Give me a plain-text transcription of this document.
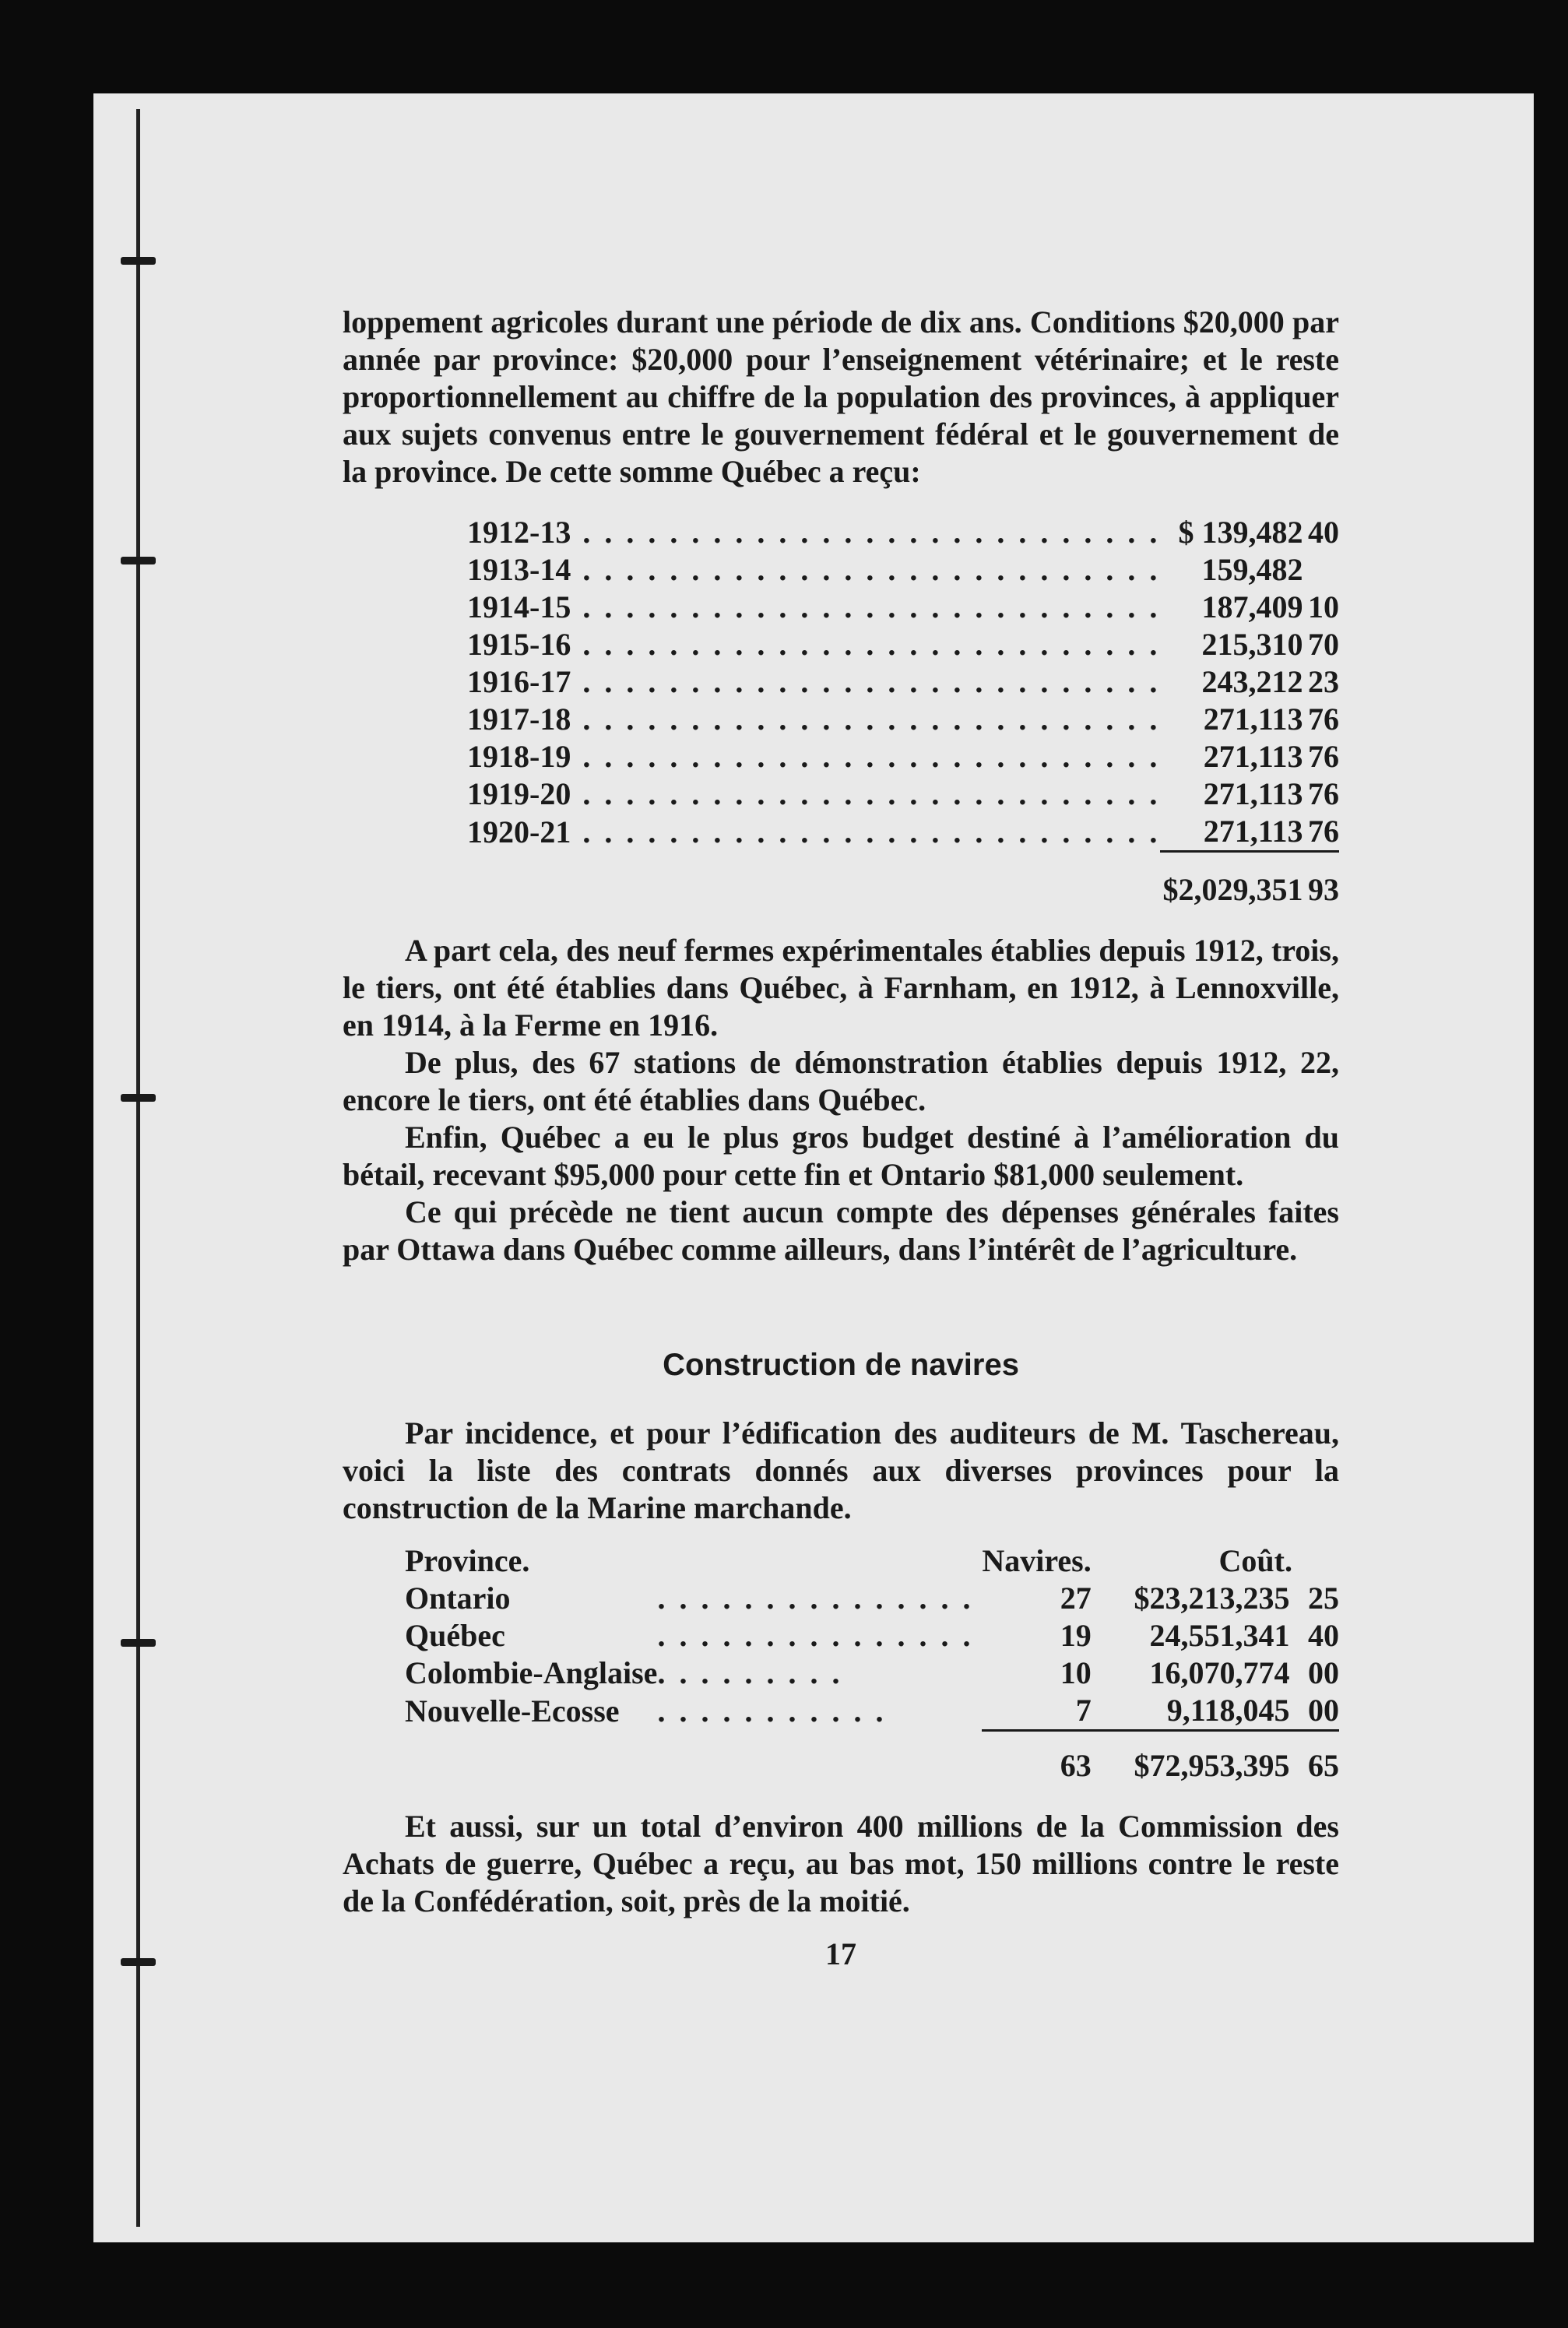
loppement agricoles durant une période de dix ans. Conditions $20,000 par année par province: $20,000 pour l’enseignement vétérinaire; et le reste proportionnellement au chiffre de la population des provinces, à appliquer aux sujets convenus entre le gouvernement fédéral et le gouvernement de la province. De cette somme Québec a reçu:

1912-13	. . . . . . . . . . . . . . . . . . . . . . . . . . .	$ 139,482	40
1913-14	. . . . . . . . . . . . . . . . . . . . . . . . . . .	159,482	
1914-15	. . . . . . . . . . . . . . . . . . . . . . . . . . .	187,409	10
1915-16	. . . . . . . . . . . . . . . . . . . . . . . . . . .	215,310	70
1916-17	. . . . . . . . . . . . . . . . . . . . . . . . . . .	243,212	23
1917-18	. . . . . . . . . . . . . . . . . . . . . . . . . . .	271,113	76
1918-19	. . . . . . . . . . . . . . . . . . . . . . . . . . .	271,113	76
1919-20	. . . . . . . . . . . . . . . . . . . . . . . . . . .	271,113	76
1920-21	. . . . . . . . . . . . . . . . . . . . . . . . . . .	271,113	76
		$2,029,351	93

A part cela, des neuf fermes expérimentales établies depuis 1912, trois, le tiers, ont été établies dans Québec, à Farnham, en 1912, à Lennoxville, en 1914, à la Ferme en 1916.

De plus, des 67 stations de démonstration établies depuis 1912, 22, encore le tiers, ont été établies dans Québec.

Enfin, Québec a eu le plus gros budget destiné à l’amélioration du bétail, recevant $95,000 pour cette fin et Ontario $81,000 seulement.

Ce qui précède ne tient aucun compte des dépenses générales faites par Ottawa dans Québec comme ailleurs, dans l’intérêt de l’agriculture.

Construction de navires

Par incidence, et pour l’édification des auditeurs de M. Taschereau, voici la liste des contrats donnés aux diverses provinces pour la construction de la Marine marchande.

Province.		Navires.	Coût.	
Ontario	. . . . . . . . . . . . . . .	27	$23,213,235	25
Québec	. . . . . . . . . . . . . . .	19	24,551,341	40
Colombie-Anglaise	. . . . . . . . .	10	16,070,774	00
Nouvelle-Ecosse	. . . . . . . . . . .	7	9,118,045	00
		63	$72,953,395	65

Et aussi, sur un total d’environ 400 millions de la Commission des Achats de guerre, Québec a reçu, au bas mot, 150 millions contre le reste de la Confédération, soit, près de la moitié.

17
